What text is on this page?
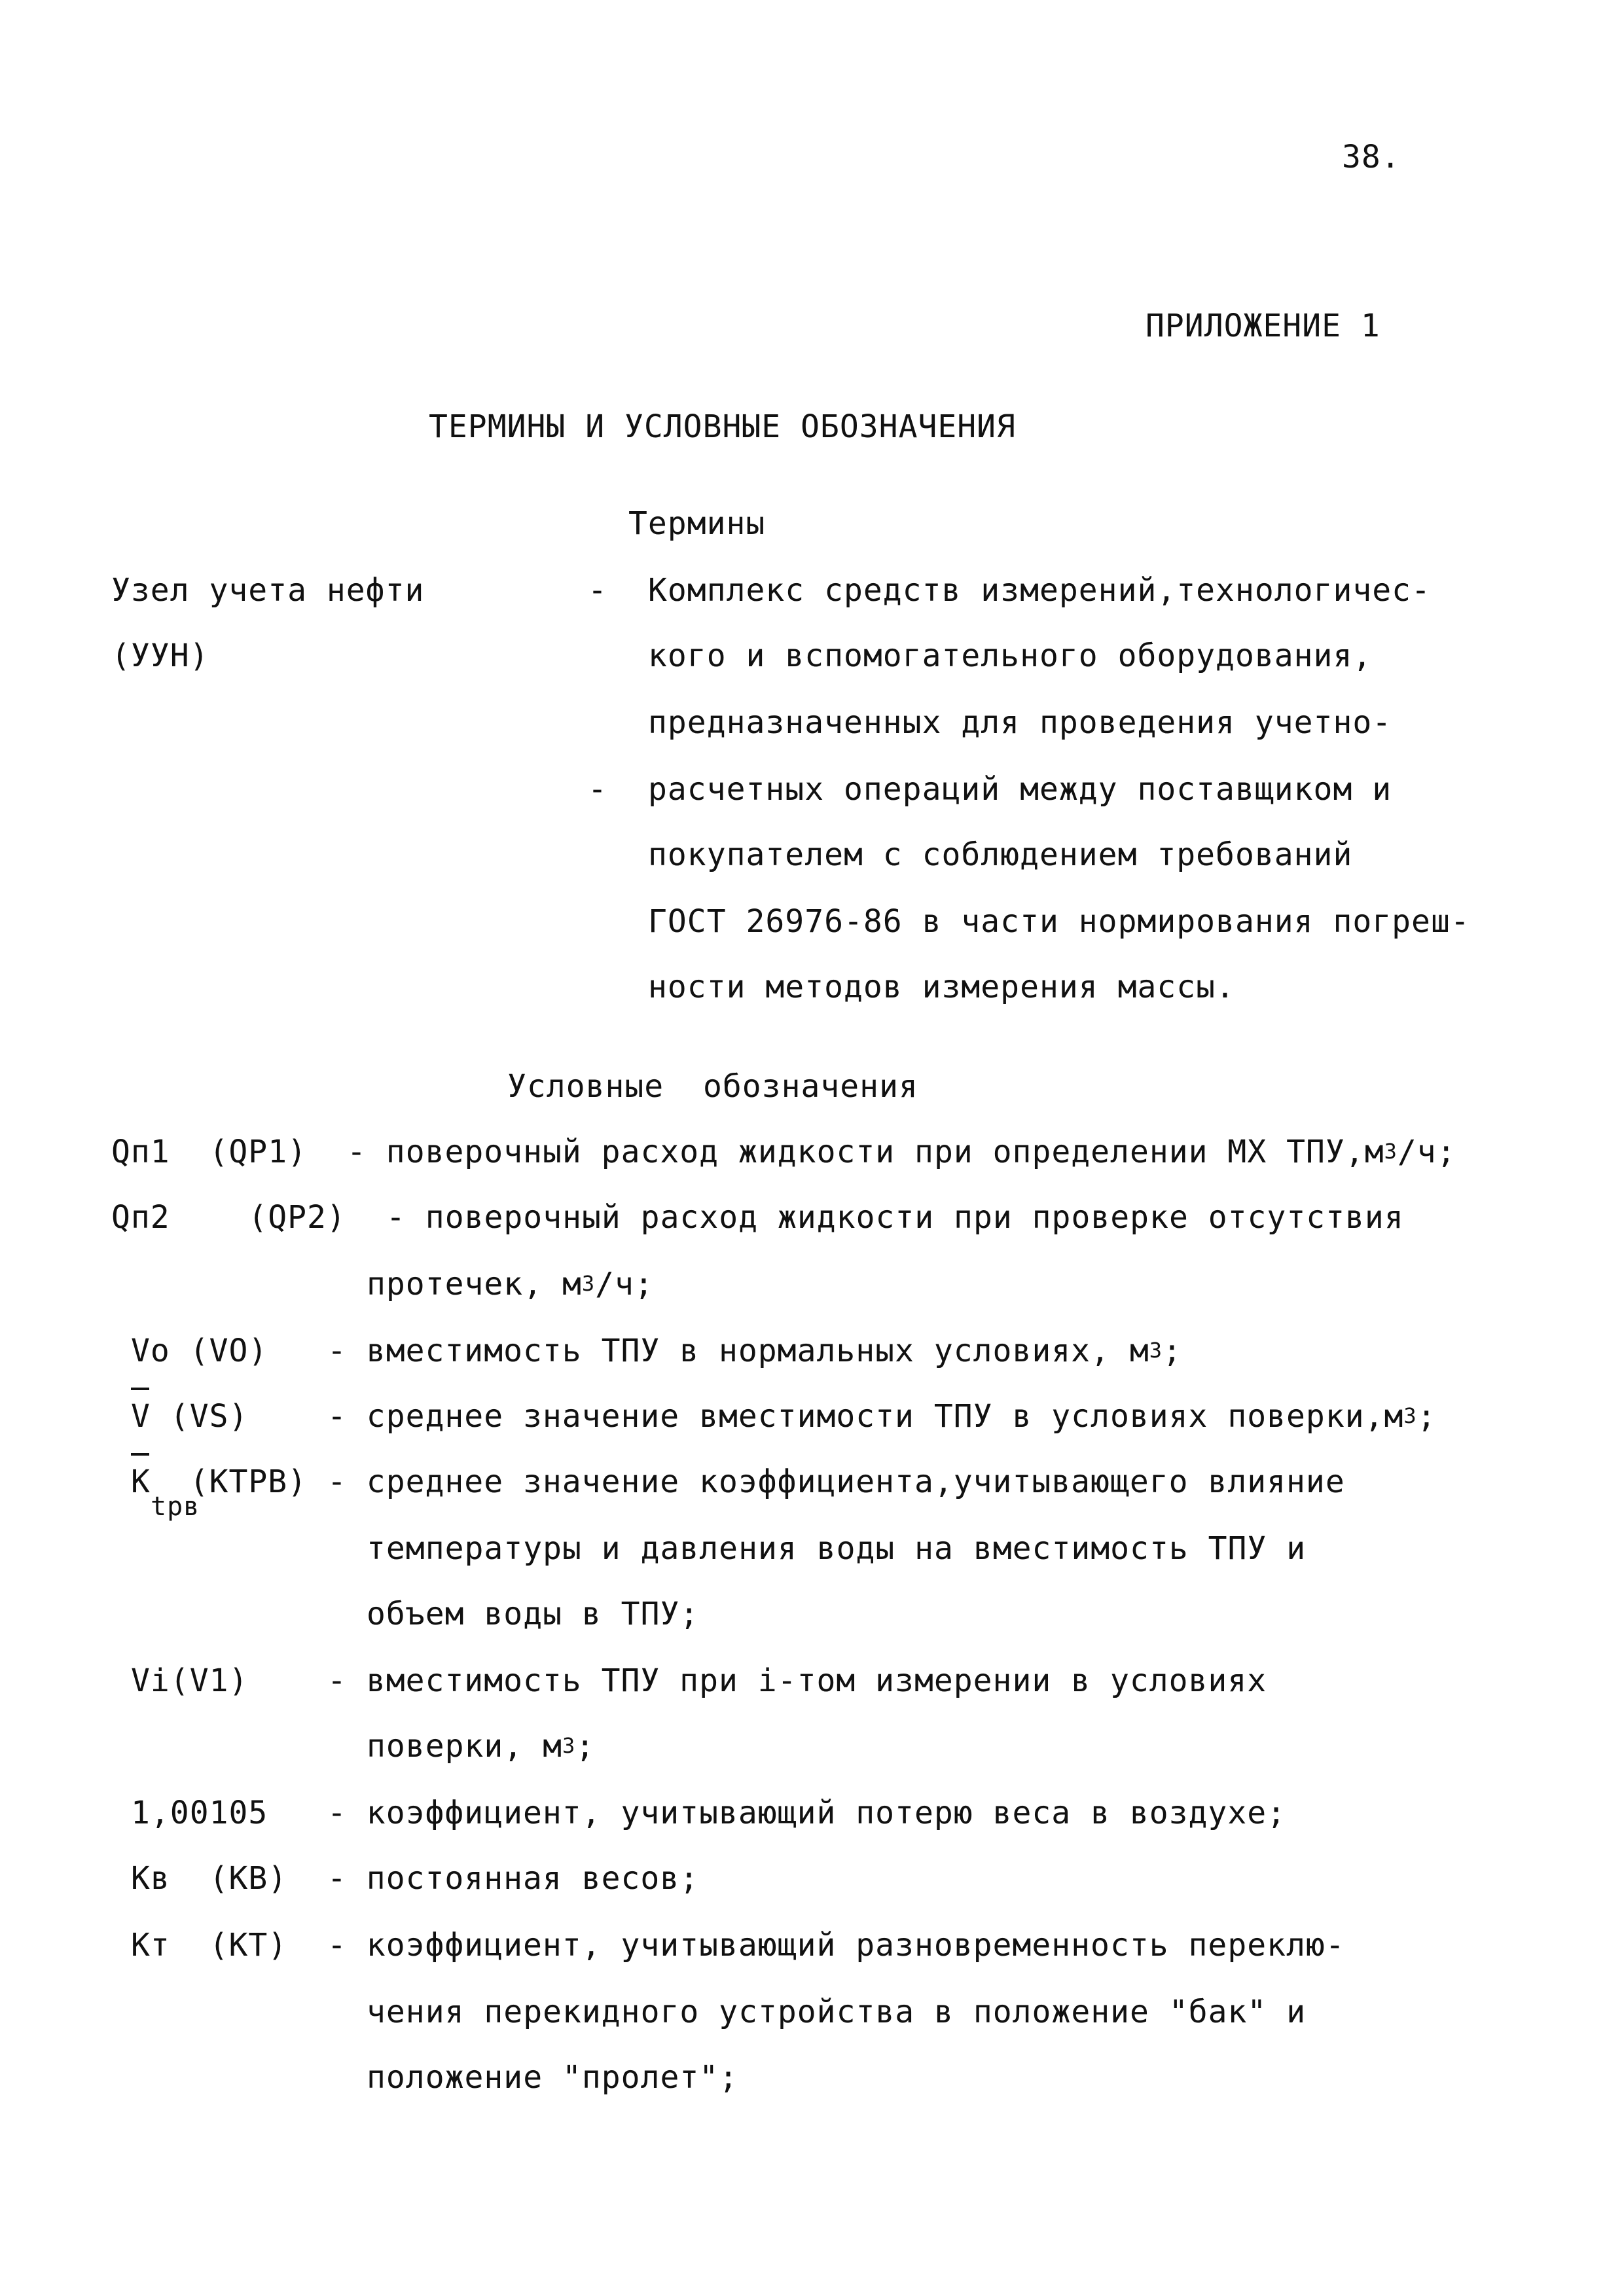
38.
ПРИЛОЖЕНИЕ 1
ТЕРМИНЫ И УСЛОВНЫЕ ОБОЗНАЧЕНИЯ
Термины
Узел учета нефти
(УУН)
-
-
Комплекс средств измерений,технологичес-
кого и вспомогательного оборудования,
предназначенных для проведения учетно-
расчетных операций между поставщиком и
покупателем с соблюдением требований
ГОСТ 26976-86 в части нормирования погреш-
ности методов измерения массы.
Условные  обозначения
Qп1  (QP1) - поверочный расход жидкости при определении МХ $ТПУ,м^3/ч$;
Qп2    (QP2) - поверочный расход жидкости при проверке отсутствия
протечек, $м^3/ч$;
Vo (VO) - вместимость ТПУ в нормальных условиях, $м^3$;
V (VS)	- среднее значение вместимости ТПУ в условиях $поверки,м^3$;
K  (KTPB)
tpв
- среднее значение коэффициента,учитывающего влияние
температуры и давления воды на вместимость ТПУ и
объем воды в ТПУ;
Vi(V1)	- вместимость ТПУ при i-том измерении в условиях
поверки, $м^3$;
1,00105 - коэффициент, учитывающий потерю веса в воздухе;
Кв  (КВ) - постоянная весов;
Кт  (КТ) - коэффициент, учитывающий разновременность переклю-
чения перекидного устройства в положение "бак" и
положение "пролет";
